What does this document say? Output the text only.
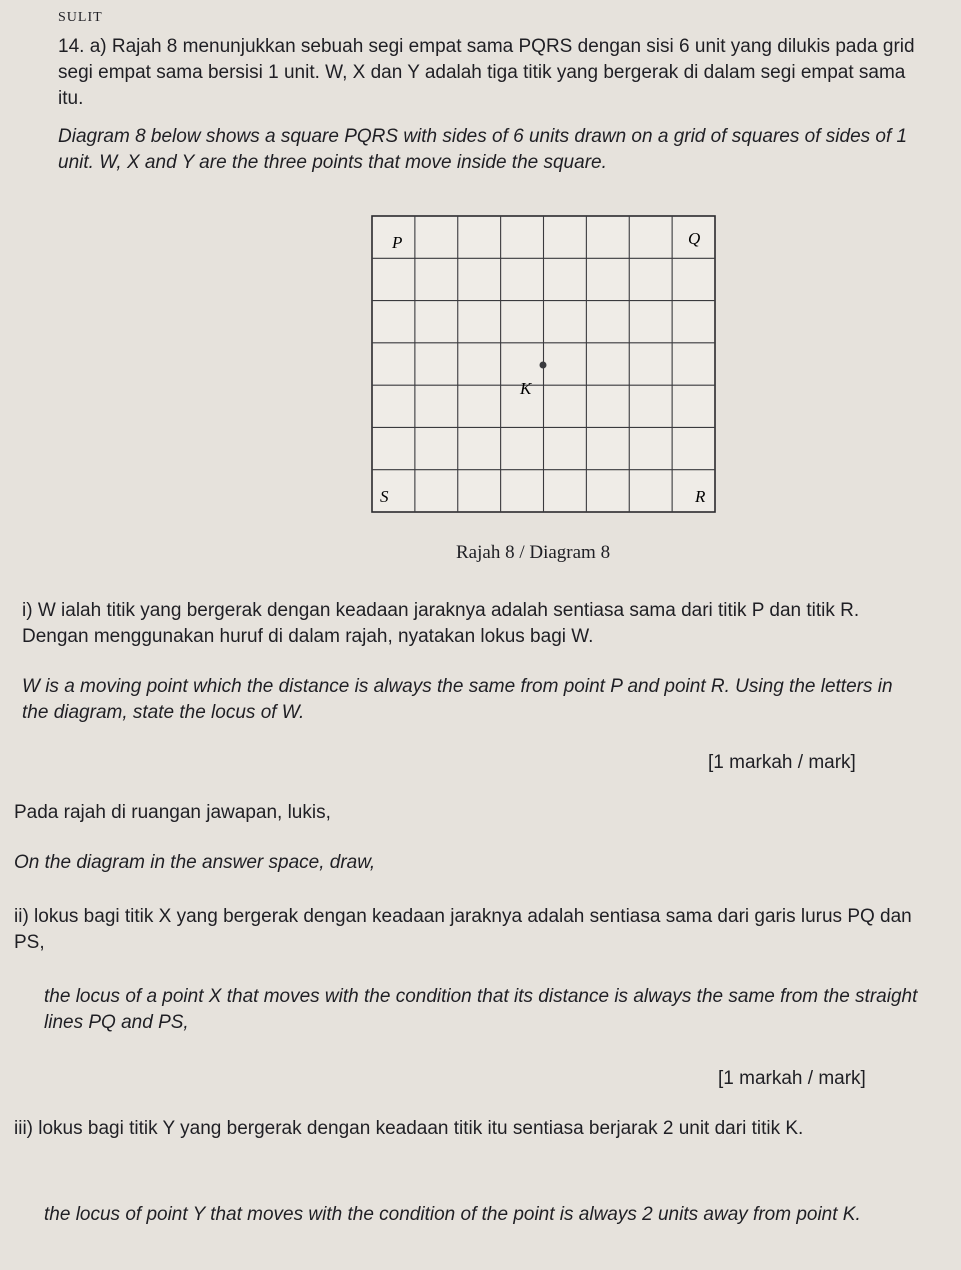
SULIT

14. a) Rajah 8 menunjukkan sebuah segi empat sama PQRS dengan sisi 6 unit yang dilukis pada grid segi empat sama bersisi 1 unit. W, X dan Y adalah tiga titik yang bergerak di dalam segi empat sama itu.

Diagram 8 below shows a square PQRS with sides of 6 units drawn on a grid of squares of sides of 1 unit. W, X and Y are the three points that move inside the square.

P	Q
S	R
K
Rajah 8 / Diagram 8

i) W ialah titik yang bergerak dengan keadaan jaraknya adalah sentiasa sama dari titik P dan titik R. Dengan menggunakan huruf di dalam rajah, nyatakan lokus bagi W.

W is a moving point which the distance is always the same from point P and point R. Using the letters in the diagram, state the locus of W.

[1 markah / mark]

Pada rajah di ruangan jawapan, lukis,

On the diagram in the answer space, draw,

ii) lokus bagi titik X yang bergerak dengan keadaan jaraknya adalah sentiasa sama dari garis lurus PQ dan PS,

the locus of a point X that moves with the condition that its distance is always the same from the straight lines PQ and PS,

[1 markah / mark]

iii) lokus bagi titik Y yang bergerak dengan keadaan titik itu sentiasa berjarak 2 unit dari titik K.

the locus of point Y that moves with the condition of the point is always 2 units away from point K.
